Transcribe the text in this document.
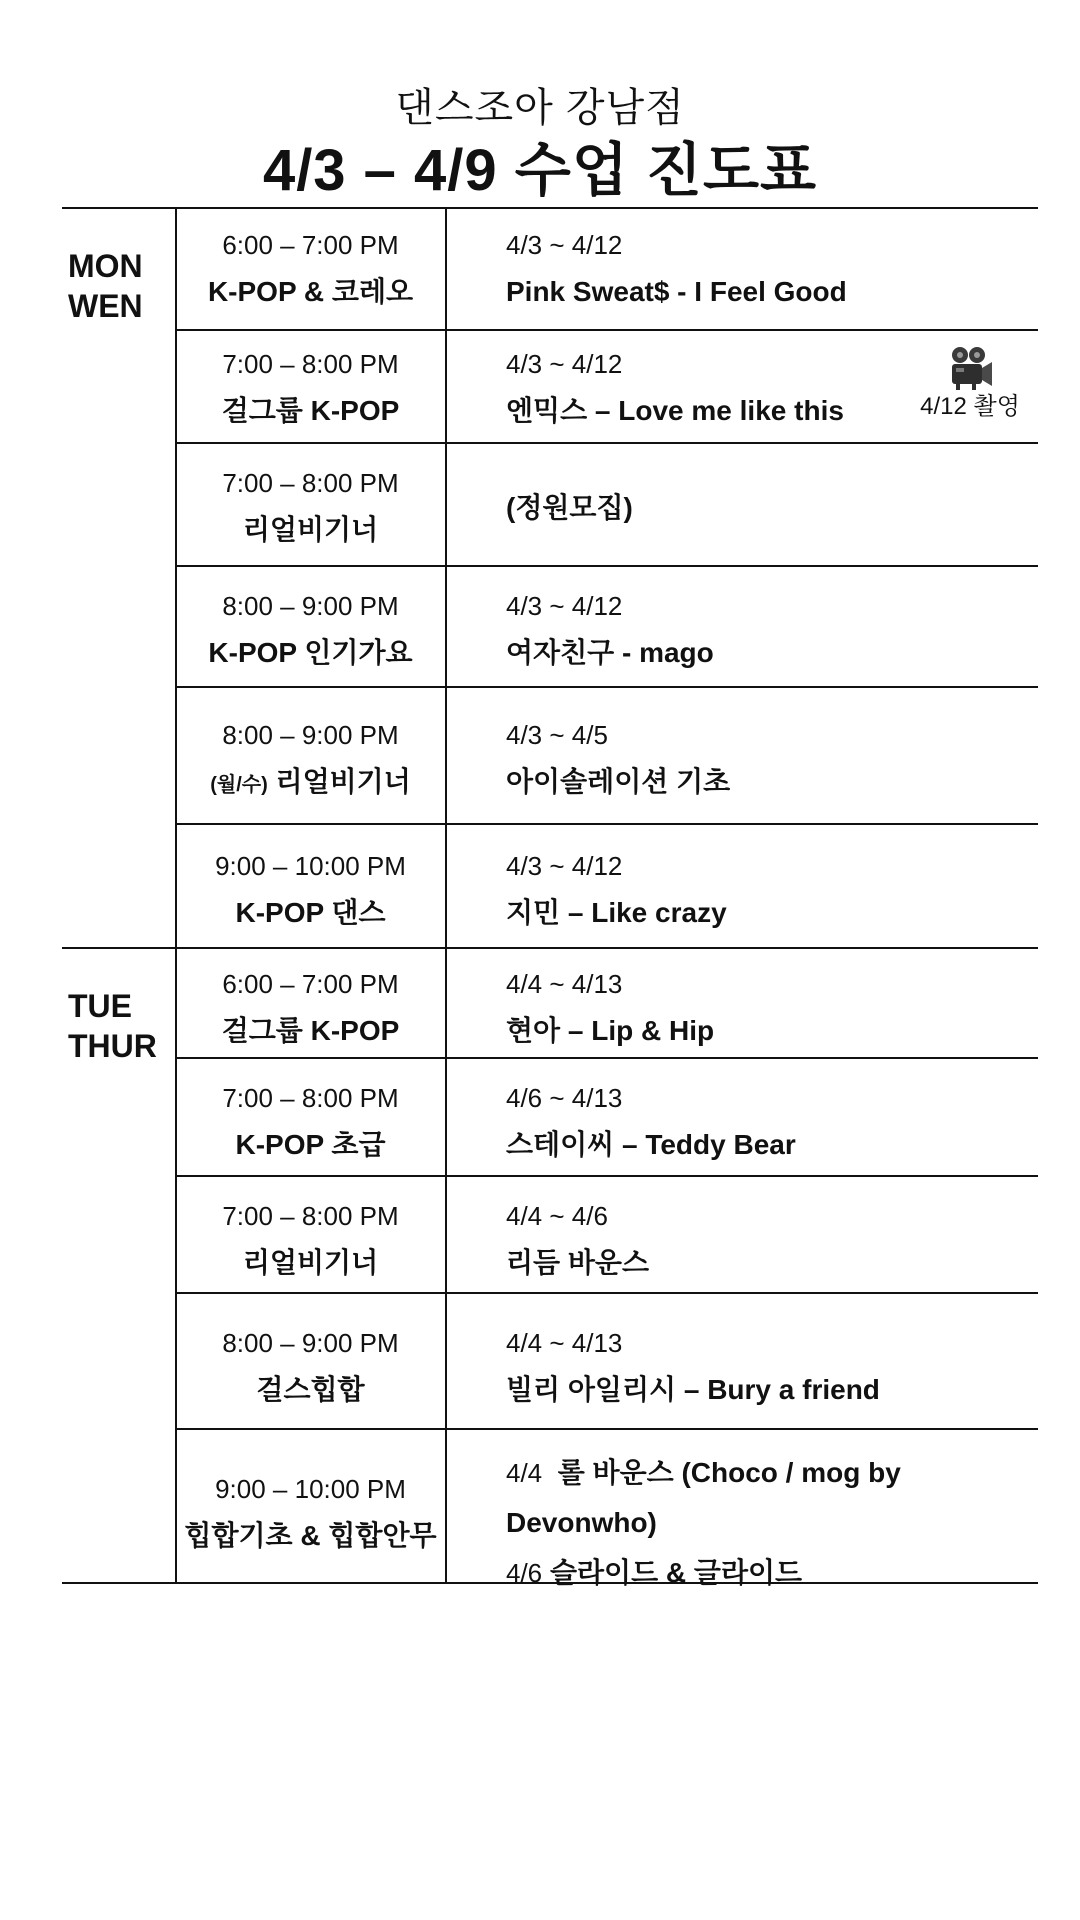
댄스조아 강남점
4/3 – 4/9 수업 진도표
MON
WEN
TUE
THUR
6:00 – 7:00 PM
K-POP & 코레오
4/3 ~ 4/12
Pink Sweat$ - I Feel Good
7:00 – 8:00 PM
걸그룹 K-POP
4/3 ~ 4/12
엔믹스 – Love me like this	4/12 촬영
7:00 – 8:00 PM
리얼비기너
(정원모집)
8:00 – 9:00 PM
K-POP 인기가요
4/3 ~ 4/12
여자친구 - mago
8:00 – 9:00 PM
(월/수) 리얼비기너
4/3 ~ 4/5
아이솔레이션 기초
9:00 – 10:00 PM
K-POP 댄스
4/3 ~ 4/12
지민 – Like crazy
6:00 – 7:00 PM
걸그룹 K-POP
4/4 ~ 4/13
현아 – Lip & Hip
7:00 – 8:00 PM
K-POP 초급
4/6 ~ 4/13
스테이씨 – Teddy Bear
7:00 – 8:00 PM
리얼비기너
4/4 ~ 4/6
리듬 바운스
8:00 – 9:00 PM
걸스힙합
4/4 ~ 4/13
빌리 아일리시 – Bury a friend
9:00 – 10:00 PM
힙합기초 & 힙합안무
4/4 롤 바운스 (Choco / mog by
Devonwho)
4/6 슬라이드 & 글라이드
